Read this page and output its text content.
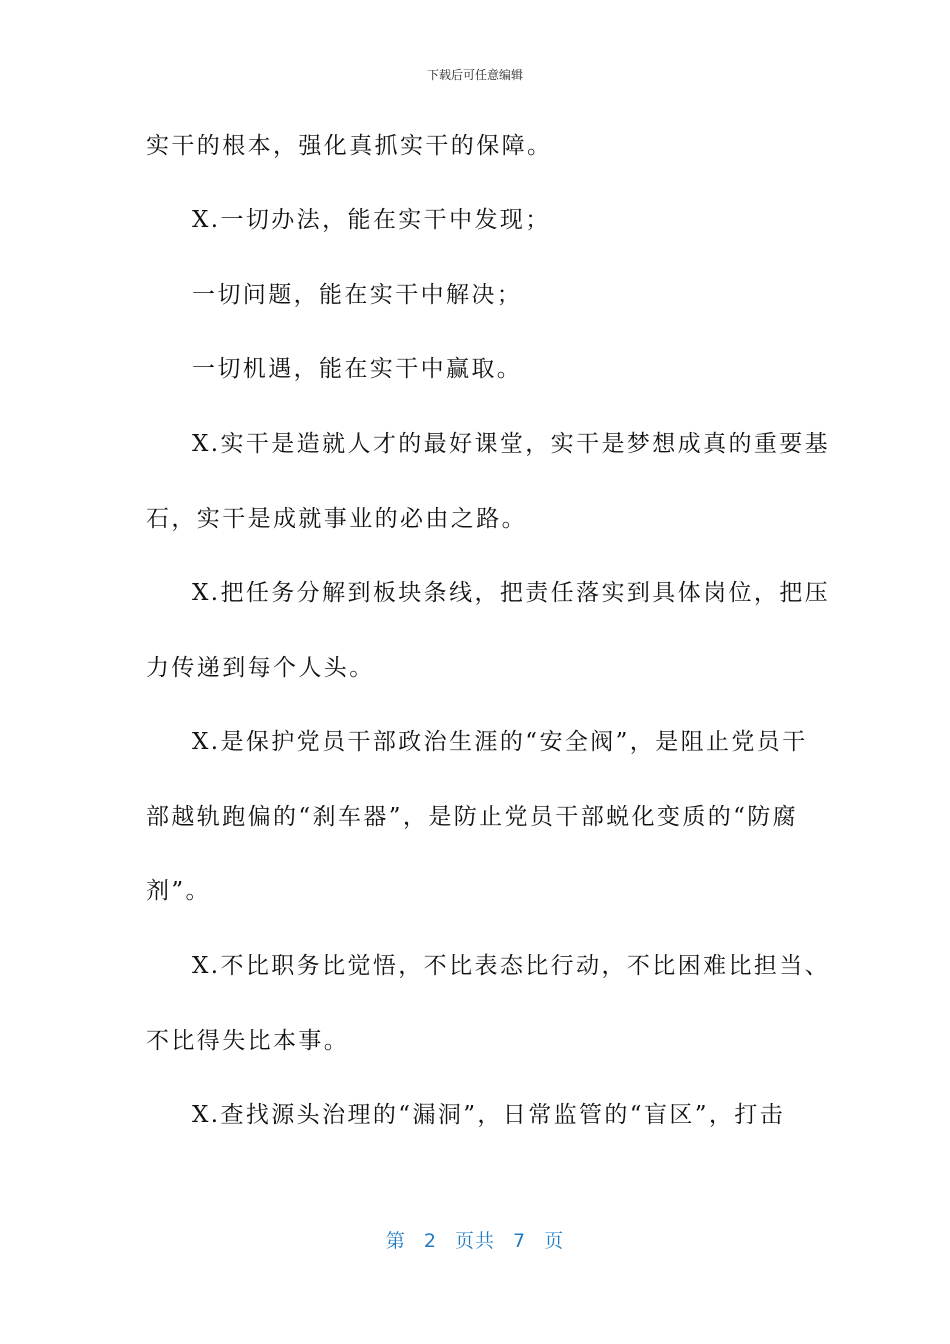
下载后可任意编辑
实干的根本，强化真抓实干的保障。
X.一切办法，能在实干中发现；
一切问题，能在实干中解决；
一切机遇，能在实干中赢取。
X.实干是造就人才的最好课堂，实干是梦想成真的重要基
石，实干是成就事业的必由之路。
X.把任务分解到板块条线，把责任落实到具体岗位，把压
力传递到每个人头。
X.是保护党员干部政治生涯的“安全阀”，是阻止党员干
部越轨跑偏的“刹车器”，是防止党员干部蜕化变质的“防腐
剂”。
X.不比职务比觉悟，不比表态比行动，不比困难比担当、
不比得失比本事。
X.查找源头治理的“漏洞”，日常监管的“盲区”，打击
第 2 页共 7 页
